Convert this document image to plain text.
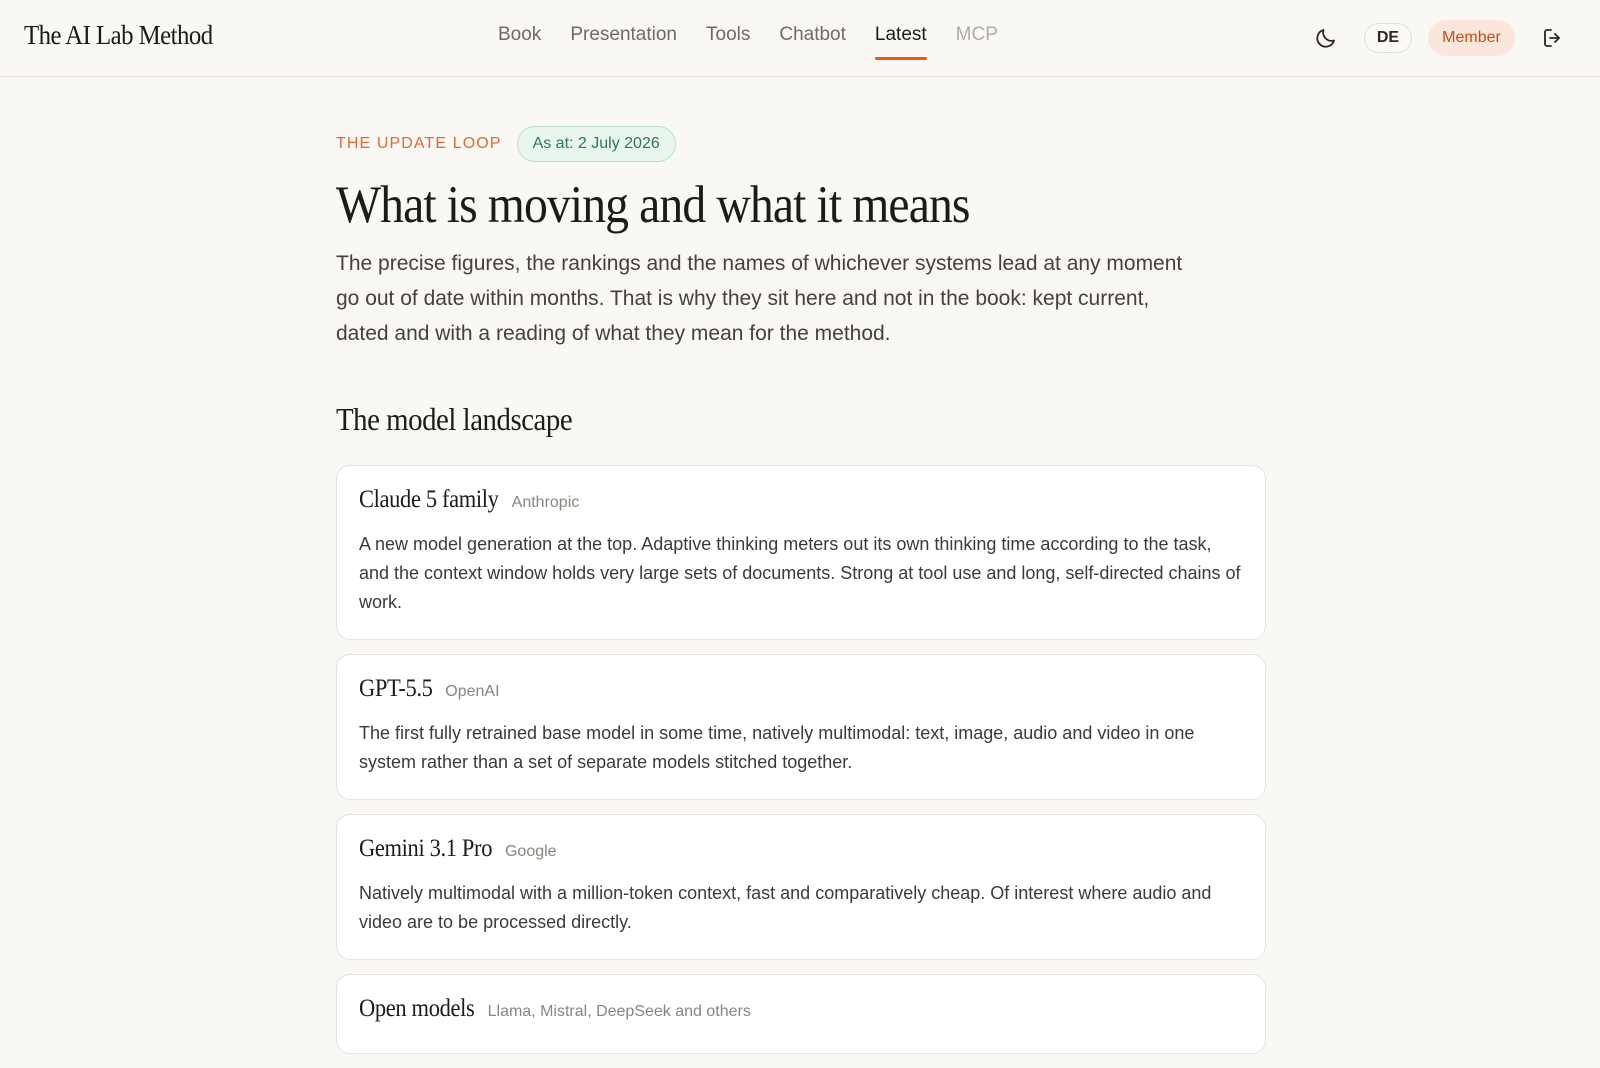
The AI Lab Method	Book Presentation Tools Chatbot Latest MCP	DE	Member
THE UPDATE LOOP	As at: 2 July 2026
What is moving and what it means

The precise figures, the rankings and the names of whichever systems lead at any moment go out of date within months. That is why they sit here and not in the book: kept current, dated and with a reading of what they mean for the method.

The model landscape
Claude 5 family Anthropic

A new model generation at the top. Adaptive thinking meters out its own thinking time according to the task, and the context window holds very large sets of documents. Strong at tool use and long, self-directed chains of work.

GPT-5.5 OpenAI

The first fully retrained base model in some time, natively multimodal: text, image, audio and video in one system rather than a set of separate models stitched together.

Gemini 3.1 Pro Google

Natively multimodal with a million-token context, fast and comparatively cheap. Of interest where audio and video are to be processed directly.

Open models Llama, Mistral, DeepSeek and others
